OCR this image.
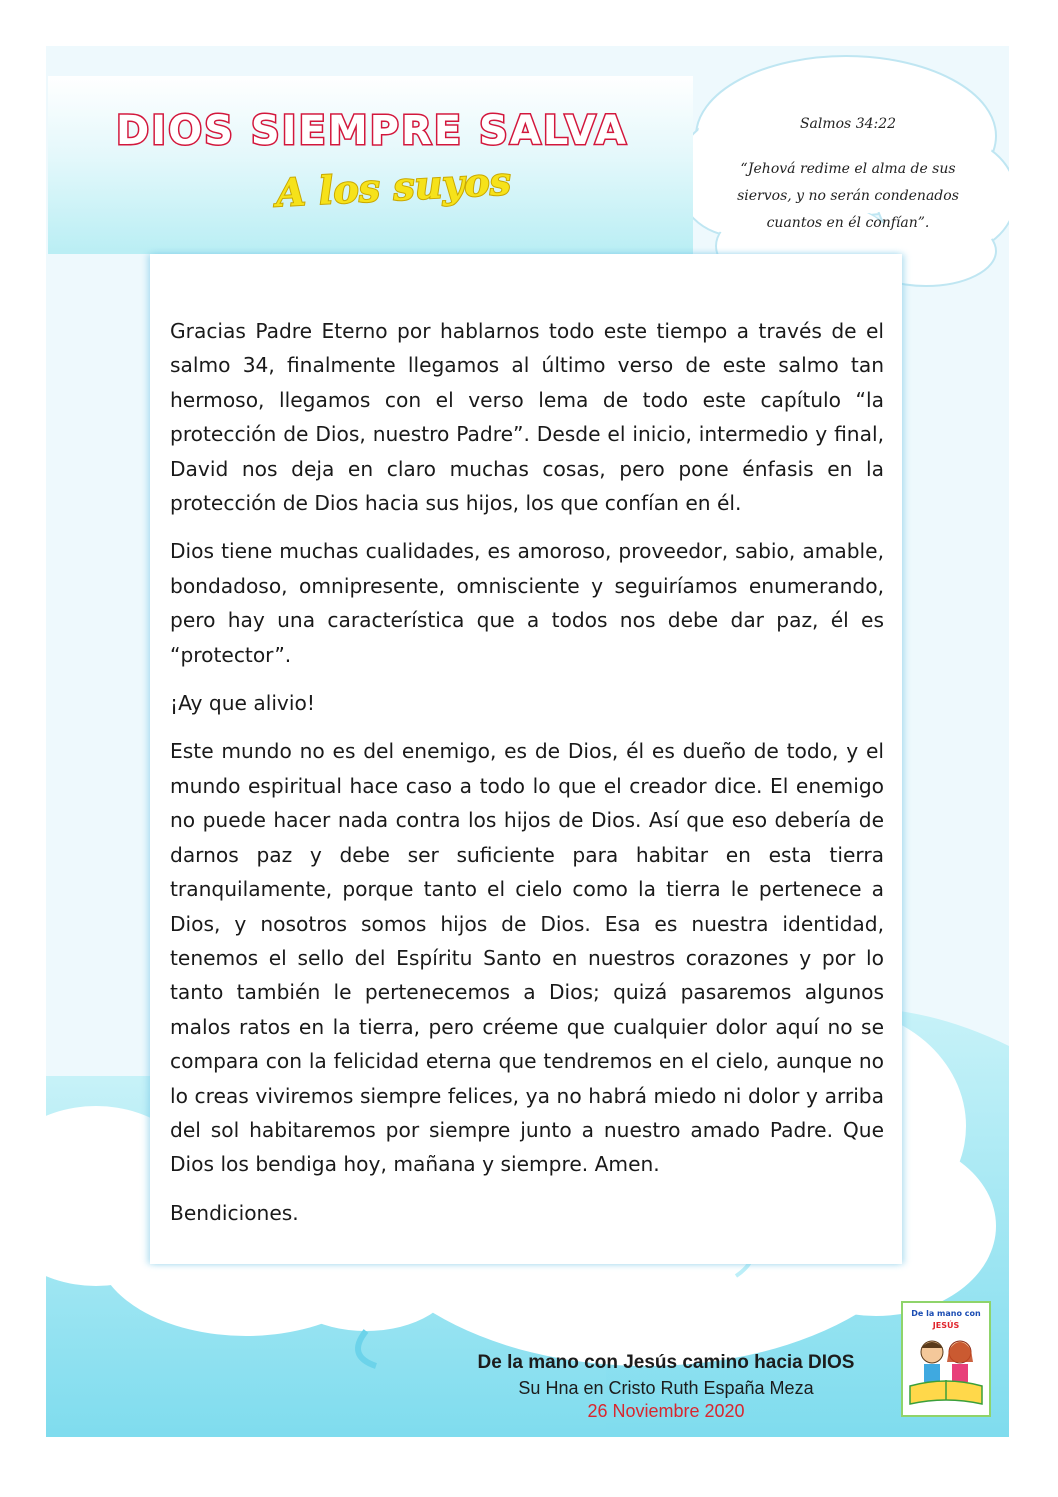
DIOS SIEMPRE SALVA
A los suyos
Salmos 34:22
“Jehová redime el alma de sus siervos, y no serán condenados cuantos en él confían”.

Gracias Padre Eterno por hablarnos todo este tiempo a través de el salmo 34, finalmente llegamos al último verso de este salmo tan hermoso, llegamos con el verso lema de todo este capítulo “la protección de Dios, nuestro Padre”. Desde el inicio, intermedio y final, David nos deja en claro muchas cosas, pero pone énfasis en la protección de Dios hacia sus hijos, los que confían en él.

Dios tiene muchas cualidades, es amoroso, proveedor, sabio, amable, bondadoso, omnipresente, omnisciente y seguiríamos enumerando, pero hay una característica que a todos nos debe dar paz, él es “protector”.

¡Ay que alivio!

Este mundo no es del enemigo, es de Dios, él es dueño de todo, y el mundo espiritual hace caso a todo lo que el creador dice. El enemigo no puede hacer nada contra los hijos de Dios. Así que eso debería de darnos paz y debe ser suficiente para habitar en esta tierra tranquilamente, porque tanto el cielo como la tierra le pertenece a Dios, y nosotros somos hijos de Dios. Esa es nuestra identidad, tenemos el sello del Espíritu Santo en nuestros corazones y por lo tanto también le pertenecemos a Dios; quizá pasaremos algunos malos ratos en la tierra, pero créeme que cualquier dolor aquí no se compara con la felicidad eterna que tendremos en el cielo, aunque no lo creas viviremos siempre felices, ya no habrá miedo ni dolor y arriba del sol habitaremos por siempre junto a nuestro amado Padre. Que Dios los bendiga hoy, mañana y siempre. Amen.

Bendiciones.

De la mano con Jesús camino hacia DIOS
Su Hna en Cristo Ruth España Meza
26 Noviembre 2020
De la mano con
JESÚS
